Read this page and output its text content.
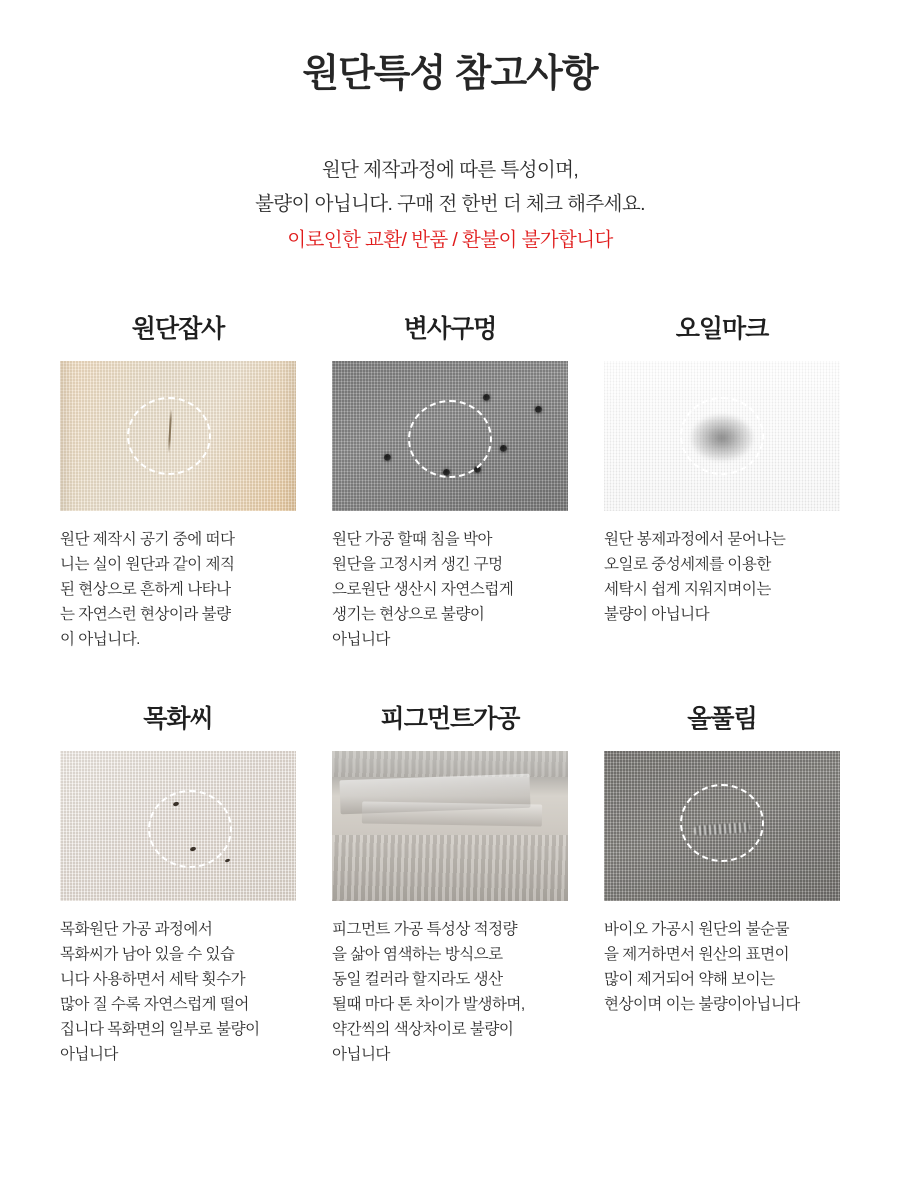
원단특성 참고사항
원단 제작과정에 따른 특성이며,
불량이 아닙니다. 구매 전 한번 더 체크 해주세요.
이로인한 교환/ 반품 / 환불이 불가합니다
원단잡사
원단 제작시 공기 중에 떠다
니는 실이 원단과 같이 제직
된 현상으로 흔하게 나타나
는 자연스런 현상이라 불량
이 아닙니다.
변사구멍
원단 가공 할때 침을 박아
원단을 고정시켜 생긴 구멍
으로원단 생산시 자연스럽게
생기는 현상으로 불량이
아닙니다
오일마크
원단 봉제과정에서 묻어나는
오일로 중성세제를 이용한
세탁시 쉽게 지워지며이는
불량이 아닙니다
목화씨
목화원단 가공 과정에서
목화씨가 남아 있을 수 있습
니다 사용하면서 세탁 횟수가
많아 질 수록 자연스럽게 떨어
집니다 목화면의 일부로 불량이
아닙니다
피그먼트가공
피그먼트 가공 특성상 적정량
을 삶아 염색하는 방식으로
동일 컬러라 할지라도 생산
될때 마다 톤 차이가 발생하며,
약간씩의 색상차이로 불량이
아닙니다
올풀림
바이오 가공시 원단의 불순물
을 제거하면서 원산의 표면이
많이 제거되어 약해 보이는
현상이며 이는 불량이아닙니다
